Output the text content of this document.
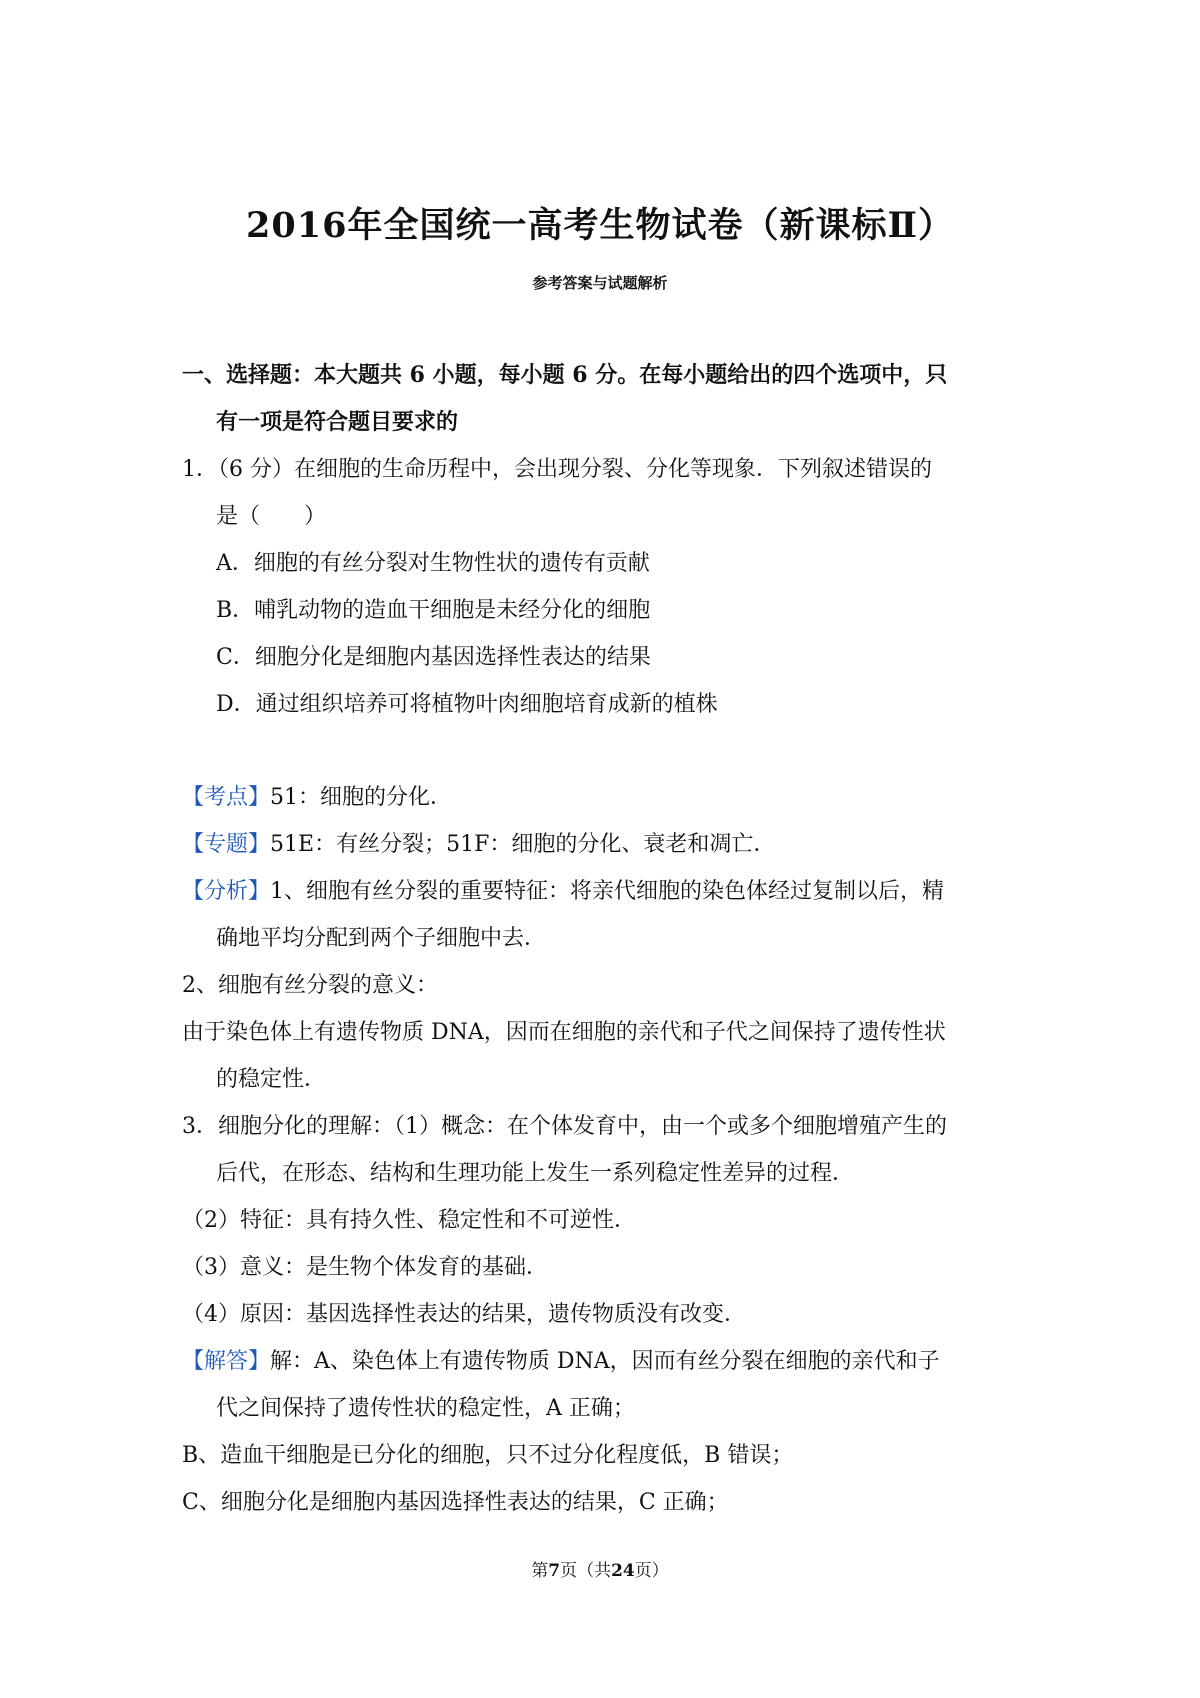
2016年全国统一高考生物试卷（新课标Ⅱ）
参考答案与试题解析
一、选择题：本大题共 6 小题，每小题 6 分。在每小题给出的四个选项中，只
有一项是符合题目要求的
1．（6 分）在细胞的生命历程中，会出现分裂、分化等现象．下列叙述错误的
是（　　）
A．细胞的有丝分裂对生物性状的遗传有贡献
B．哺乳动物的造血干细胞是未经分化的细胞
C．细胞分化是细胞内基因选择性表达的结果
D．通过组织培养可将植物叶肉细胞培育成新的植株
【考点】51：细胞的分化．
【专题】51E：有丝分裂；51F：细胞的分化、衰老和凋亡．
【分析】1、细胞有丝分裂的重要特征：将亲代细胞的染色体经过复制以后，精
确地平均分配到两个子细胞中去．
2、细胞有丝分裂的意义：
由于染色体上有遗传物质 DNA，因而在细胞的亲代和子代之间保持了遗传性状
的稳定性．
3．细胞分化的理解：（1）概念：在个体发育中，由一个或多个细胞增殖产生的
后代，在形态、结构和生理功能上发生一系列稳定性差异的过程．
（2）特征：具有持久性、稳定性和不可逆性．
（3）意义：是生物个体发育的基础．
（4）原因：基因选择性表达的结果，遗传物质没有改变．
【解答】解：A、染色体上有遗传物质 DNA，因而有丝分裂在细胞的亲代和子
代之间保持了遗传性状的稳定性，A 正确；
B、造血干细胞是已分化的细胞，只不过分化程度低，B 错误；
C、细胞分化是细胞内基因选择性表达的结果，C 正确；
第7页（共24页）
